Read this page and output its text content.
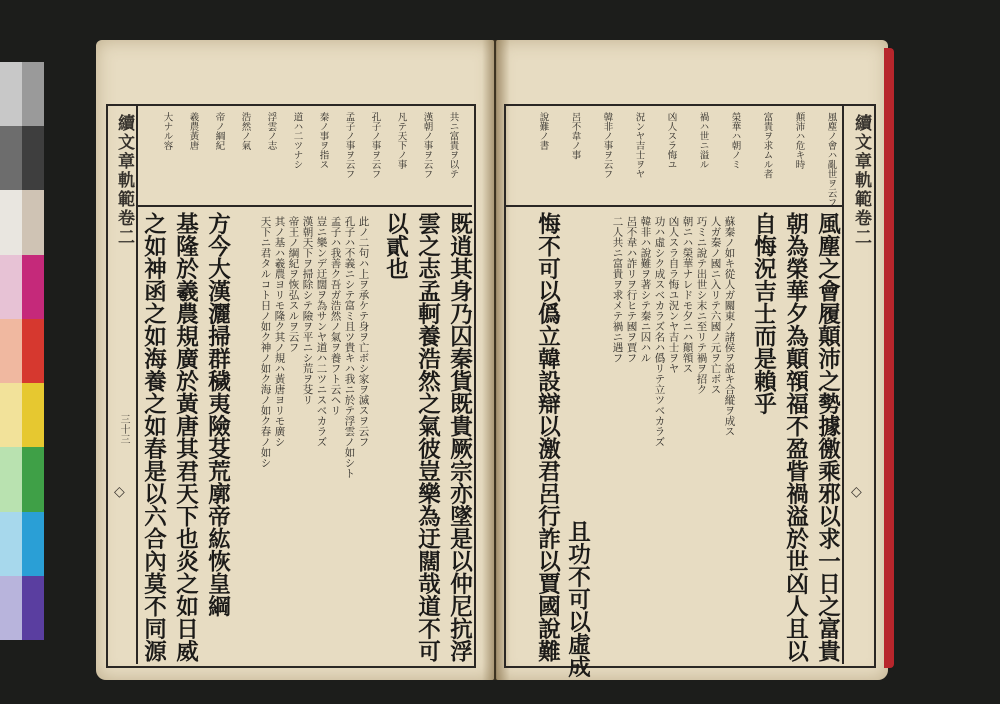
續文章軌範卷二	續文章軌範卷二
三十三
◇	◇
共ニ富貴ヲ以テ
漢朝ノ事ヲ云フ
凡テ天下ノ事
孔子ノ事ヲ云フ
孟子ノ事ヲ云フ
秦ノ事ヲ指ス
道ハ二ツナシ
浮雲ノ志
浩然ノ氣
帝ノ綱紀
羲農黃唐
大ナル容	風塵ノ會ハ亂世ヲ云フ
顛沛ハ危キ時
富貴ヲ求ムル者
榮華ハ朝ノミ
禍ハ世ニ溢ル
凶人スラ悔ユ
況ンヤ吉士ヲヤ
韓非ノ事ヲ云フ
呂不韋ノ事
說難ノ書
既逍其身乃囚秦貨既貴厥宗亦墜是以仲尼抗浮
雲之志孟軻養浩然之氣彼豈樂為迂闊哉道不可
以貳也
方今大漢灑掃群穢夷險芟荒廓帝紘恢皇綱
基隆於羲農規廣於黃唐其君天下也炎之如日威
之如神函之如海養之如春是以六合內莫不同源	此ノ二句ハ上ヲ承ケテ身ヲ亡ボシ家ヲ滅スヲ云フ
孔子ハ不義ニシテ富ミ且ツ貴キハ我ニ於テ浮雲ノ如シト
孟子ハ我善ク吾ガ浩然ノ氣ヲ養フト云ヘリ
豈ニ樂ンデ迂闊ヲ為サンヤ道ハ二ツニスベカラズ
漢朝天下ヲ掃除シテ險ヲ平ニシ荒ヲ芟リ
帝王ノ綱紀ヲ恢弘スルヲ云フ
其ノ基ハ羲農ヨリモ隆ク其ノ規ハ黃唐ヨリモ廣シ
天下ニ君タルコト日ノ如ク神ノ如ク海ノ如ク春ノ如シ	風塵之會履顛沛之勢據徼乘邪以求一日之富貴
朝為榮華夕為顛顇福不盈眥禍溢於世凶人且以
自悔況吉士而是賴乎
悔不可以僞立韓設辯以激君呂行詐以賈國說難 且功不可以虛成
蘇秦ノ如キ從人ガ關東ノ諸侯ヲ説キ合縱ヲ成ス
人ガ秦ノ國ニ入リテ六國ノ元ヲ亡ボス
巧ミニ說テ出世シ末ニ至リテ禍ヲ招ク
朝ニハ榮華ナレドモ夕ニハ顛顇ス
凶人スラ自ラ悔ユ況ンヤ吉士ヲヤ
功ハ虛シク成スベカラズ名ハ僞リテ立ツベカラズ
韓非ハ說難ヲ著シテ秦ニ囚ハル
呂不韋ハ詐リヲ行ヒテ國ヲ賈フ
二人共ニ富貴ヲ求メテ禍ニ遇フ
